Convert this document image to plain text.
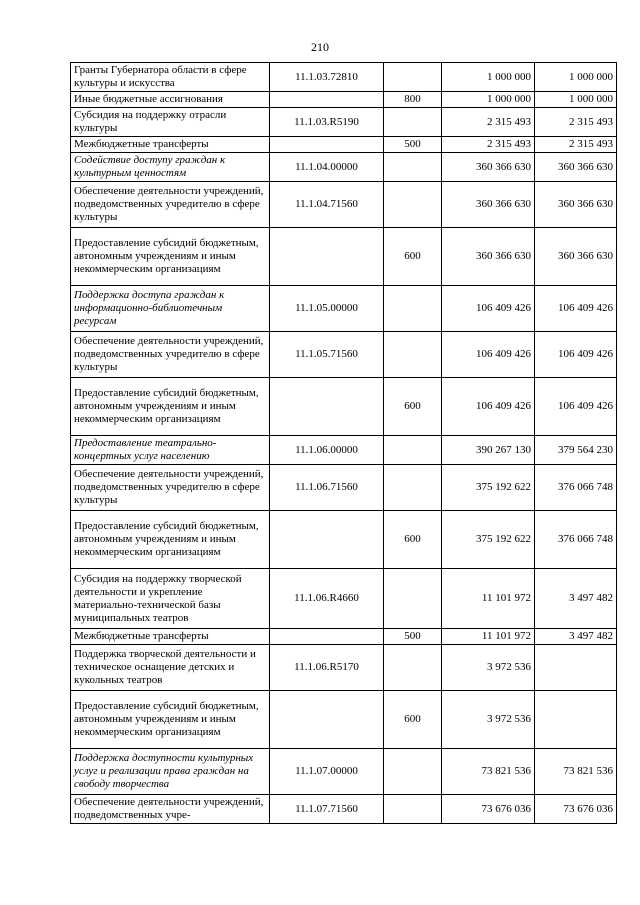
210
Гранты Губернатора области в сфере культуры и искусства	11.1.03.72810		1 000 000	1 000 000
Иные бюджетные ассигнования		800	1 000 000	1 000 000
Субсидия на поддержку отрасли культуры	11.1.03.R5190		2 315 493	2 315 493
Межбюджетные трансферты		500	2 315 493	2 315 493
Содействие доступу граждан к культурным ценностям	11.1.04.00000		360 366 630	360 366 630
Обеспечение деятельности учреждений, подведомственных учредителю в сфере культуры	11.1.04.71560		360 366 630	360 366 630
Предоставление субсидий бюджетным, автономным учреждениям и иным некоммерческим организациям		600	360 366 630	360 366 630
Поддержка доступа граждан к информационно-библиотечным ресурсам	11.1.05.00000		106 409 426	106 409 426
Обеспечение деятельности учреждений, подведомственных учредителю в сфере культуры	11.1.05.71560		106 409 426	106 409 426
Предоставление субсидий бюджетным, автономным учреждениям и иным некоммерческим организациям		600	106 409 426	106 409 426
Предоставление театрально-концертных услуг населению	11.1.06.00000		390 267 130	379 564 230
Обеспечение деятельности учреждений, подведомственных учредителю в сфере культуры	11.1.06.71560		375 192 622	376 066 748
Предоставление субсидий бюджетным, автономным учреждениям и иным некоммерческим организациям		600	375 192 622	376 066 748
Субсидия на поддержку творческой деятельности и укрепление материально-технической базы муниципальных театров	11.1.06.R4660		11 101 972	3 497 482
Межбюджетные трансферты		500	11 101 972	3 497 482
Поддержка творческой деятельности и техническое оснащение детских и кукольных театров	11.1.06.R5170		3 972 536	
Предоставление субсидий бюджетным, автономным учреждениям и иным некоммерческим организациям		600	3 972 536	
Поддержка доступности культурных услуг и реализации права граждан на свободу творчества	11.1.07.00000		73 821 536	73 821 536
Обеспечение деятельности учреждений, подведомственных учре-	11.1.07.71560		73 676 036	73 676 036
